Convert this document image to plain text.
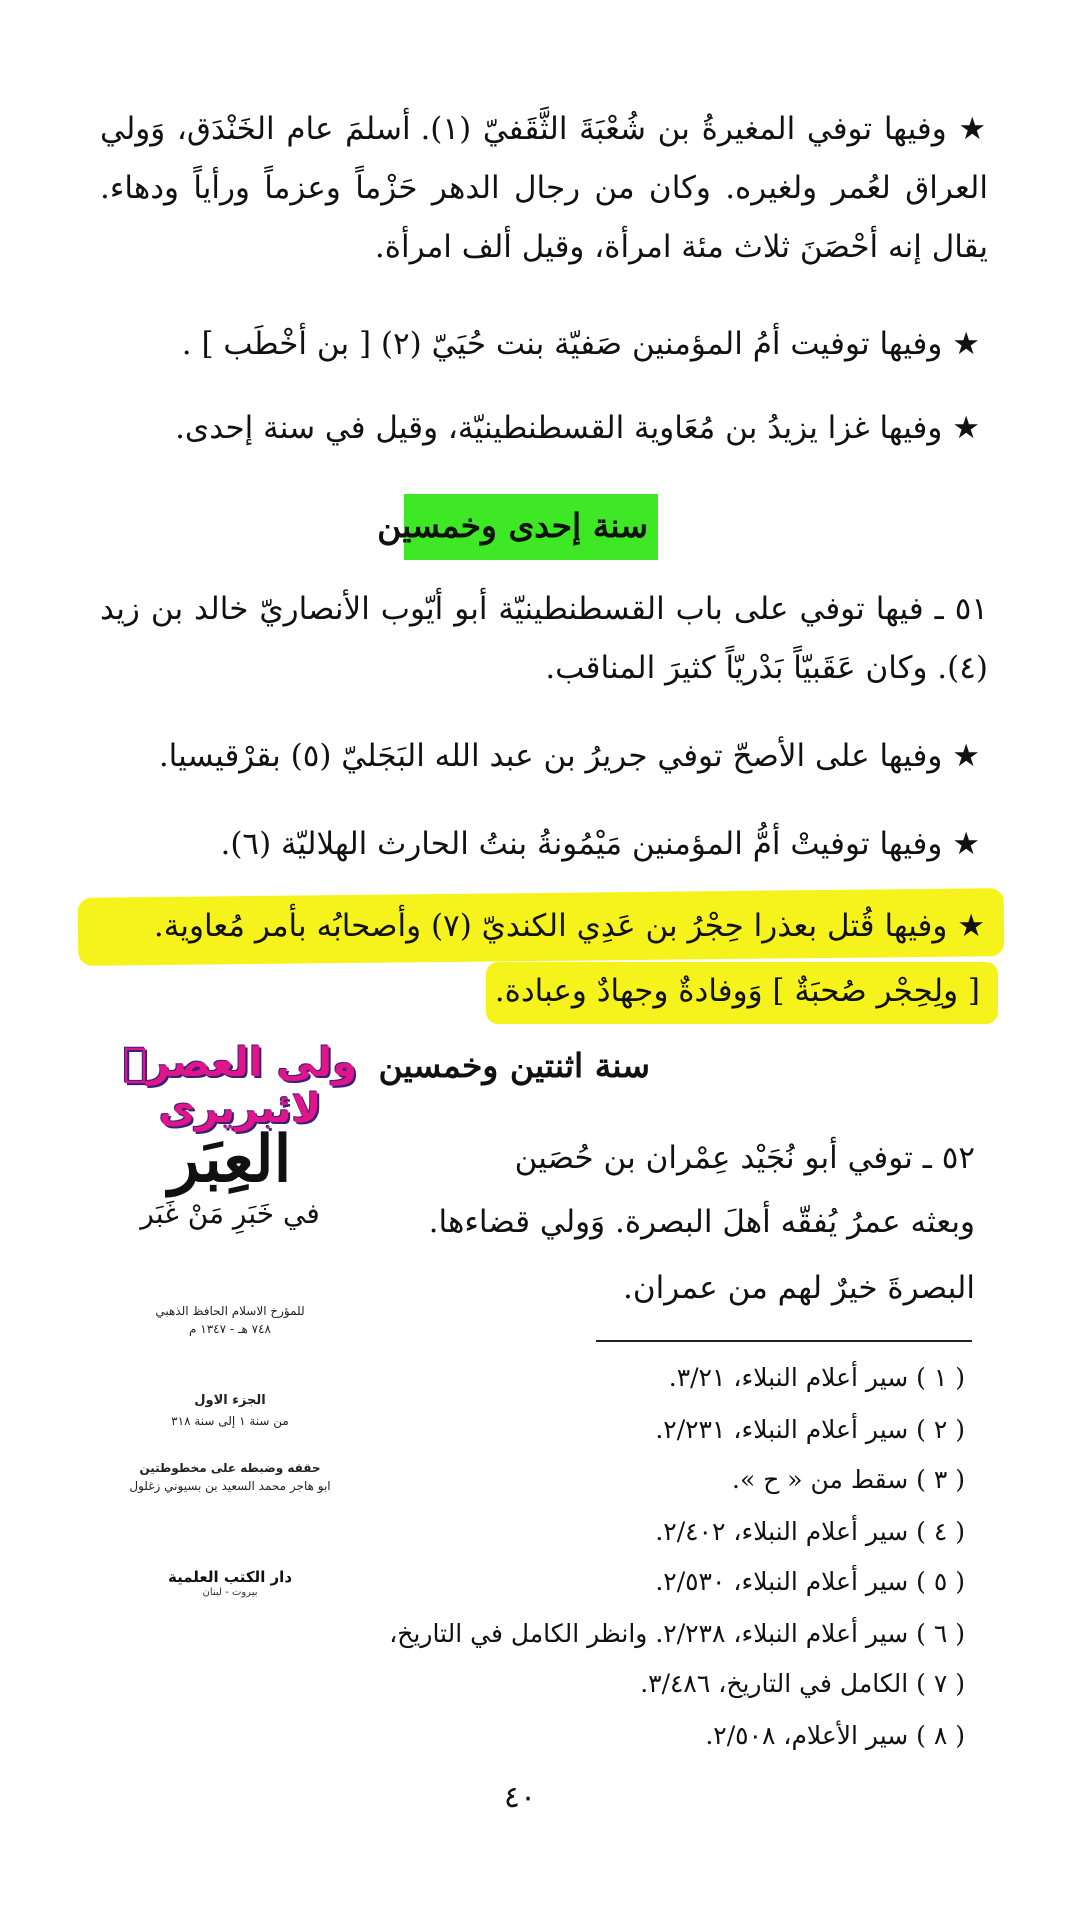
★ وفيها توفي المغيرةُ بن شُعْبَةَ الثَّقَفيّ (١). أسلمَ عام الخَنْدَق، وَولي العراق لعُمر ولغيره. وكان من رجال الدهر حَزْماً وعزماً ورأياً ودهاء. يقال إنه أحْصَنَ ثلاث مئة امرأة، وقيل ألف امرأة.
★ وفيها توفيت أمُ المؤمنين صَفيّة بنت حُيَيّ (٢) [ بن أخْطَب ] .
★ وفيها غزا يزيدُ بن مُعَاوية القسطنطينيّة، وقيل في سنة إحدى.
سنة إحدى وخمسين
٥١ ـ فيها توفي على باب القسطنطينيّة أبو أيّوب الأنصاريّ خالد بن زيد (٤). وكان عَقَبيّاً بَدْريّاً كثيرَ المناقب.
★ وفيها على الأصحّ توفي جريرُ بن عبد الله البَجَليّ (٥) بقرْقيسيا.
★ وفيها توفيتْ أمُّ المؤمنين مَيْمُونةُ بنتُ الحارث الهلاليّة (٦).
★ وفيها قُتل بعذرا حِجْرُ بن عَدِي الكنديّ (٧) وأصحابُه بأمر مُعاوية.
[ ولِحِجْر صُحبَةٌ ] وَوفادةٌ وجهادٌ وعبادة.
سنة اثنتين وخمسين
٥٢ ـ توفي أبو نُجَيْد عِمْران بن حُصَين
وبعثه عمرُ يُفقّه أهلَ البصرة. وَولي قضاءها.
البصرةَ خيرٌ لهم من عمران.
( ١ ) سير أعلام النبلاء، ٣/٢١.
( ٢ ) سير أعلام النبلاء، ٢/٢٣١.
( ٣ ) سقط من « ح ».
( ٤ ) سير أعلام النبلاء، ٢/٤٠٢.
( ٥ ) سير أعلام النبلاء، ٢/٥٣٠.
( ٦ ) سير أعلام النبلاء، ٢/٢٣٨. وانظر الكامل في التاريخ،
( ٧ ) الكامل في التاريخ، ٣/٤٨٦.
( ٨ ) سير الأعلام، ٢/٥٠٨.
٤٠
ولی العصرؒ لائبریری
العِبَر
في خَبَرِ مَنْ غَبَر
للمؤرخ الاسلام الحافظ الذهبي
٧٤٨ هـ - ١٣٤٧ م
الجزء الاول
من سنة ١ إلى سنة ٣١٨
حققه وضبطه على مخطوطتين
ابو هاجر محمد السعيد بن بسيوني زغلول
دار الكتب العلمية
بيروت - لبنان
